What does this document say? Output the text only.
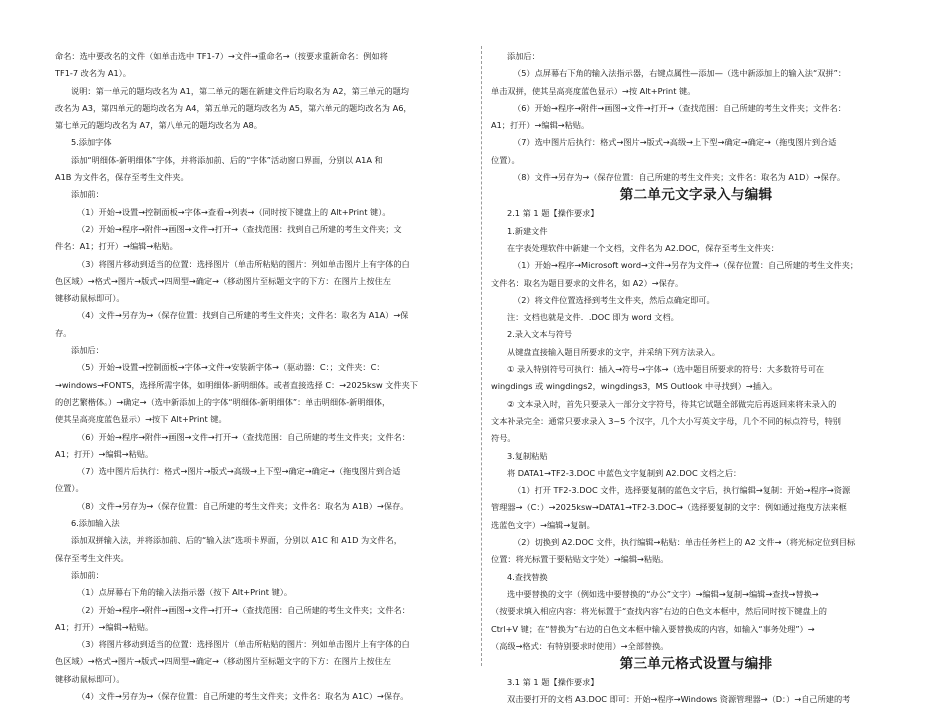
命名：选中要改名的文件（如单击选中 TF1-7）→文件→重命名→（按要求重新命名：例如将

TF1-7 改名为 A1）。

说明：第一单元的题均改名为 A1，第二单元的题在新建文件后均取名为 A2，第三单元的题均

改名为 A3，第四单元的题均改名为 A4，第五单元的题均改名为 A5，第六单元的题均改名为 A6，

第七单元的题均改名为 A7，第八单元的题均改名为 A8。

5.添加字体

添加“明细体-新明细体”字体，并将添加前、后的“字体”活动窗口界面，分别以 A1A 和

A1B 为文件名，保存至考生文件夹。

添加前：

（1）开始→设置→控制面板→字体→查看→列表→（同时按下键盘上的 Alt+Print 键）。

（2）开始→程序→附件→画图→文件→打开→（查找范围：找到自己所建的考生文件夹；文

件名：A1；打开）→编辑→粘贴。

（3）将图片移动到适当的位置：选择图片（单击所粘贴的图片：列如单击图片上有字体的白

色区域）→格式→图片→版式→四周型→确定→（移动图片至标题文字的下方：在图片上按住左

键移动鼠标即可）。

（4）文件→另存为→（保存位置：找到自己所建的考生文件夹；文件名：取名为 A1A）→保

存。

添加后：

（5）开始→设置→控制面板→字体→文件→安装新字体→（驱动器：C：；文件夹：C：

→windows→FONTS，选择所需字体，如明细体-新明细体。或者直接选择 C：→2025ksw 文件夹下

的创艺繁楷体。）→确定→（选中新添加上的字体“明细体-新明细体”：单击明细体-新明细体，

使其呈高亮度蓝色显示）→按下 Alt+Print 键。

（6）开始→程序→附件→画图→文件→打开→（查找范围：自己所建的考生文件夹；文件名：

A1；打开）→编辑→粘贴。

（7）选中图片后执行：格式→图片→版式→高级→上下型→确定→确定→（拖曳图片到合适

位置）。

（8）文件→另存为→（保存位置：自己所建的考生文件夹；文件名：取名为 A1B）→保存。

6.添加输入法

添加双拼输入法，并将添加前、后的“输入法”选项卡界面，分别以 A1C 和 A1D 为文件名，

保存至考生文件夹。

添加前：

（1）点屏幕右下角的输入法指示器（按下 Alt+Print 键）。

（2）开始→程序→附件→画图→文件→打开→（查找范围：自己所建的考生文件夹；文件名：

A1；打开）→编辑→粘贴。

（3）将图片移动到适当的位置：选择图片（单击所粘贴的图片：列如单击图片上有字体的白

色区域）→格式→图片→版式→四周型→确定→（移动图片至标题文字的下方：在图片上按住左

键移动鼠标即可）。

（4）文件→另存为→（保存位置：自己所建的考生文件夹；文件名：取名为 A1C）→保存。

添加后：

（5）点屏幕右下角的输入法指示器，右键点属性—添加—（选中新添加上的输入法“双拼”：

单击双拼，使其呈高亮度蓝色显示）→按 Alt+Print 键。

（6）开始→程序→附件→画图→文件→打开→（查找范围：自己所建的考生文件夹；文件名：

A1；打开）→编辑→粘贴。

（7）选中图片后执行：格式→图片→版式→高级→上下型→确定→确定→（拖曳图片到合适

位置）。

（8）文件→另存为→（保存位置：自己所建的考生文件夹；文件名：取名为 A1D）→保存。

第二单元文字录入与编辑

2.1 第 1 题【操作要求】

1.新建文件

在字表处理软件中新建一个文档，文件名为 A2.DOC，保存至考生文件夹：

（1）开始→程序→Microsoft word→文件→另存为文件→（保存位置：自己所建的考生文件夹；

文件名：取名为题目要求的文件名，如 A2）→保存。

（2）将文件位置选择到考生文件夹，然后点确定即可。

注：文档也就是文件．.DOC 即为 word 文档。

2.录入文本与符号

从键盘直接输入题目所要求的文字，并采纳下列方法录入。

① 录入特别符号可执行：插入→符号→字体→（选中题目所要求的符号：大多数符号可在

wingdings 或 wingdings2，wingdings3，MS Outlook 中寻找到）→插入。

② 文本录入时，首先只要录入一部分文字符号，待其它试题全部做完后再返回来将未录入的

文本补录完全：通常只要求录入 3~5 个汉字，几个大小写英文字母，几个不同的标点符号，特别

符号。

3.复制粘贴

将 DATA1→TF2-3.DOC 中蓝色文字复制到 A2.DOC 文档之后：

（1）打开 TF2-3.DOC 文件，选择要复制的蓝色文字后，执行编辑→复制：开始→程序→资源

管理器→（C：）→2025ksw→DATA1→TF2-3.DOC→（选择要复制的文字：例如通过拖曳方法来框

选蓝色文字）→编辑→复制。

（2）切换到 A2.DOC 文件，执行编辑→粘贴：单击任务栏上的 A2 文件→（将光标定位到目标

位置：将光标置于要粘贴文字处）→编辑→粘贴。

4.查找替换

选中要替换的文字（例如选中要替换的“办公”文字）→编辑→复制→编辑→查找→替换→

（按要求填入相应内容：将光标置于“查找内容”右边的白色文本框中，然后同时按下键盘上的

Ctrl+V 键；在“替换为”右边的白色文本框中输入要替换成的内容，如输入“事务处理”）→

（高级→格式：有特别要求时使用）→全部替换。

第三单元格式设置与编排

3.1 第 1 题【操作要求】

双击要打开的文档 A3.DOC 即可：开始→程序→Windows 资源管理器→（D：）→自己所建的考
